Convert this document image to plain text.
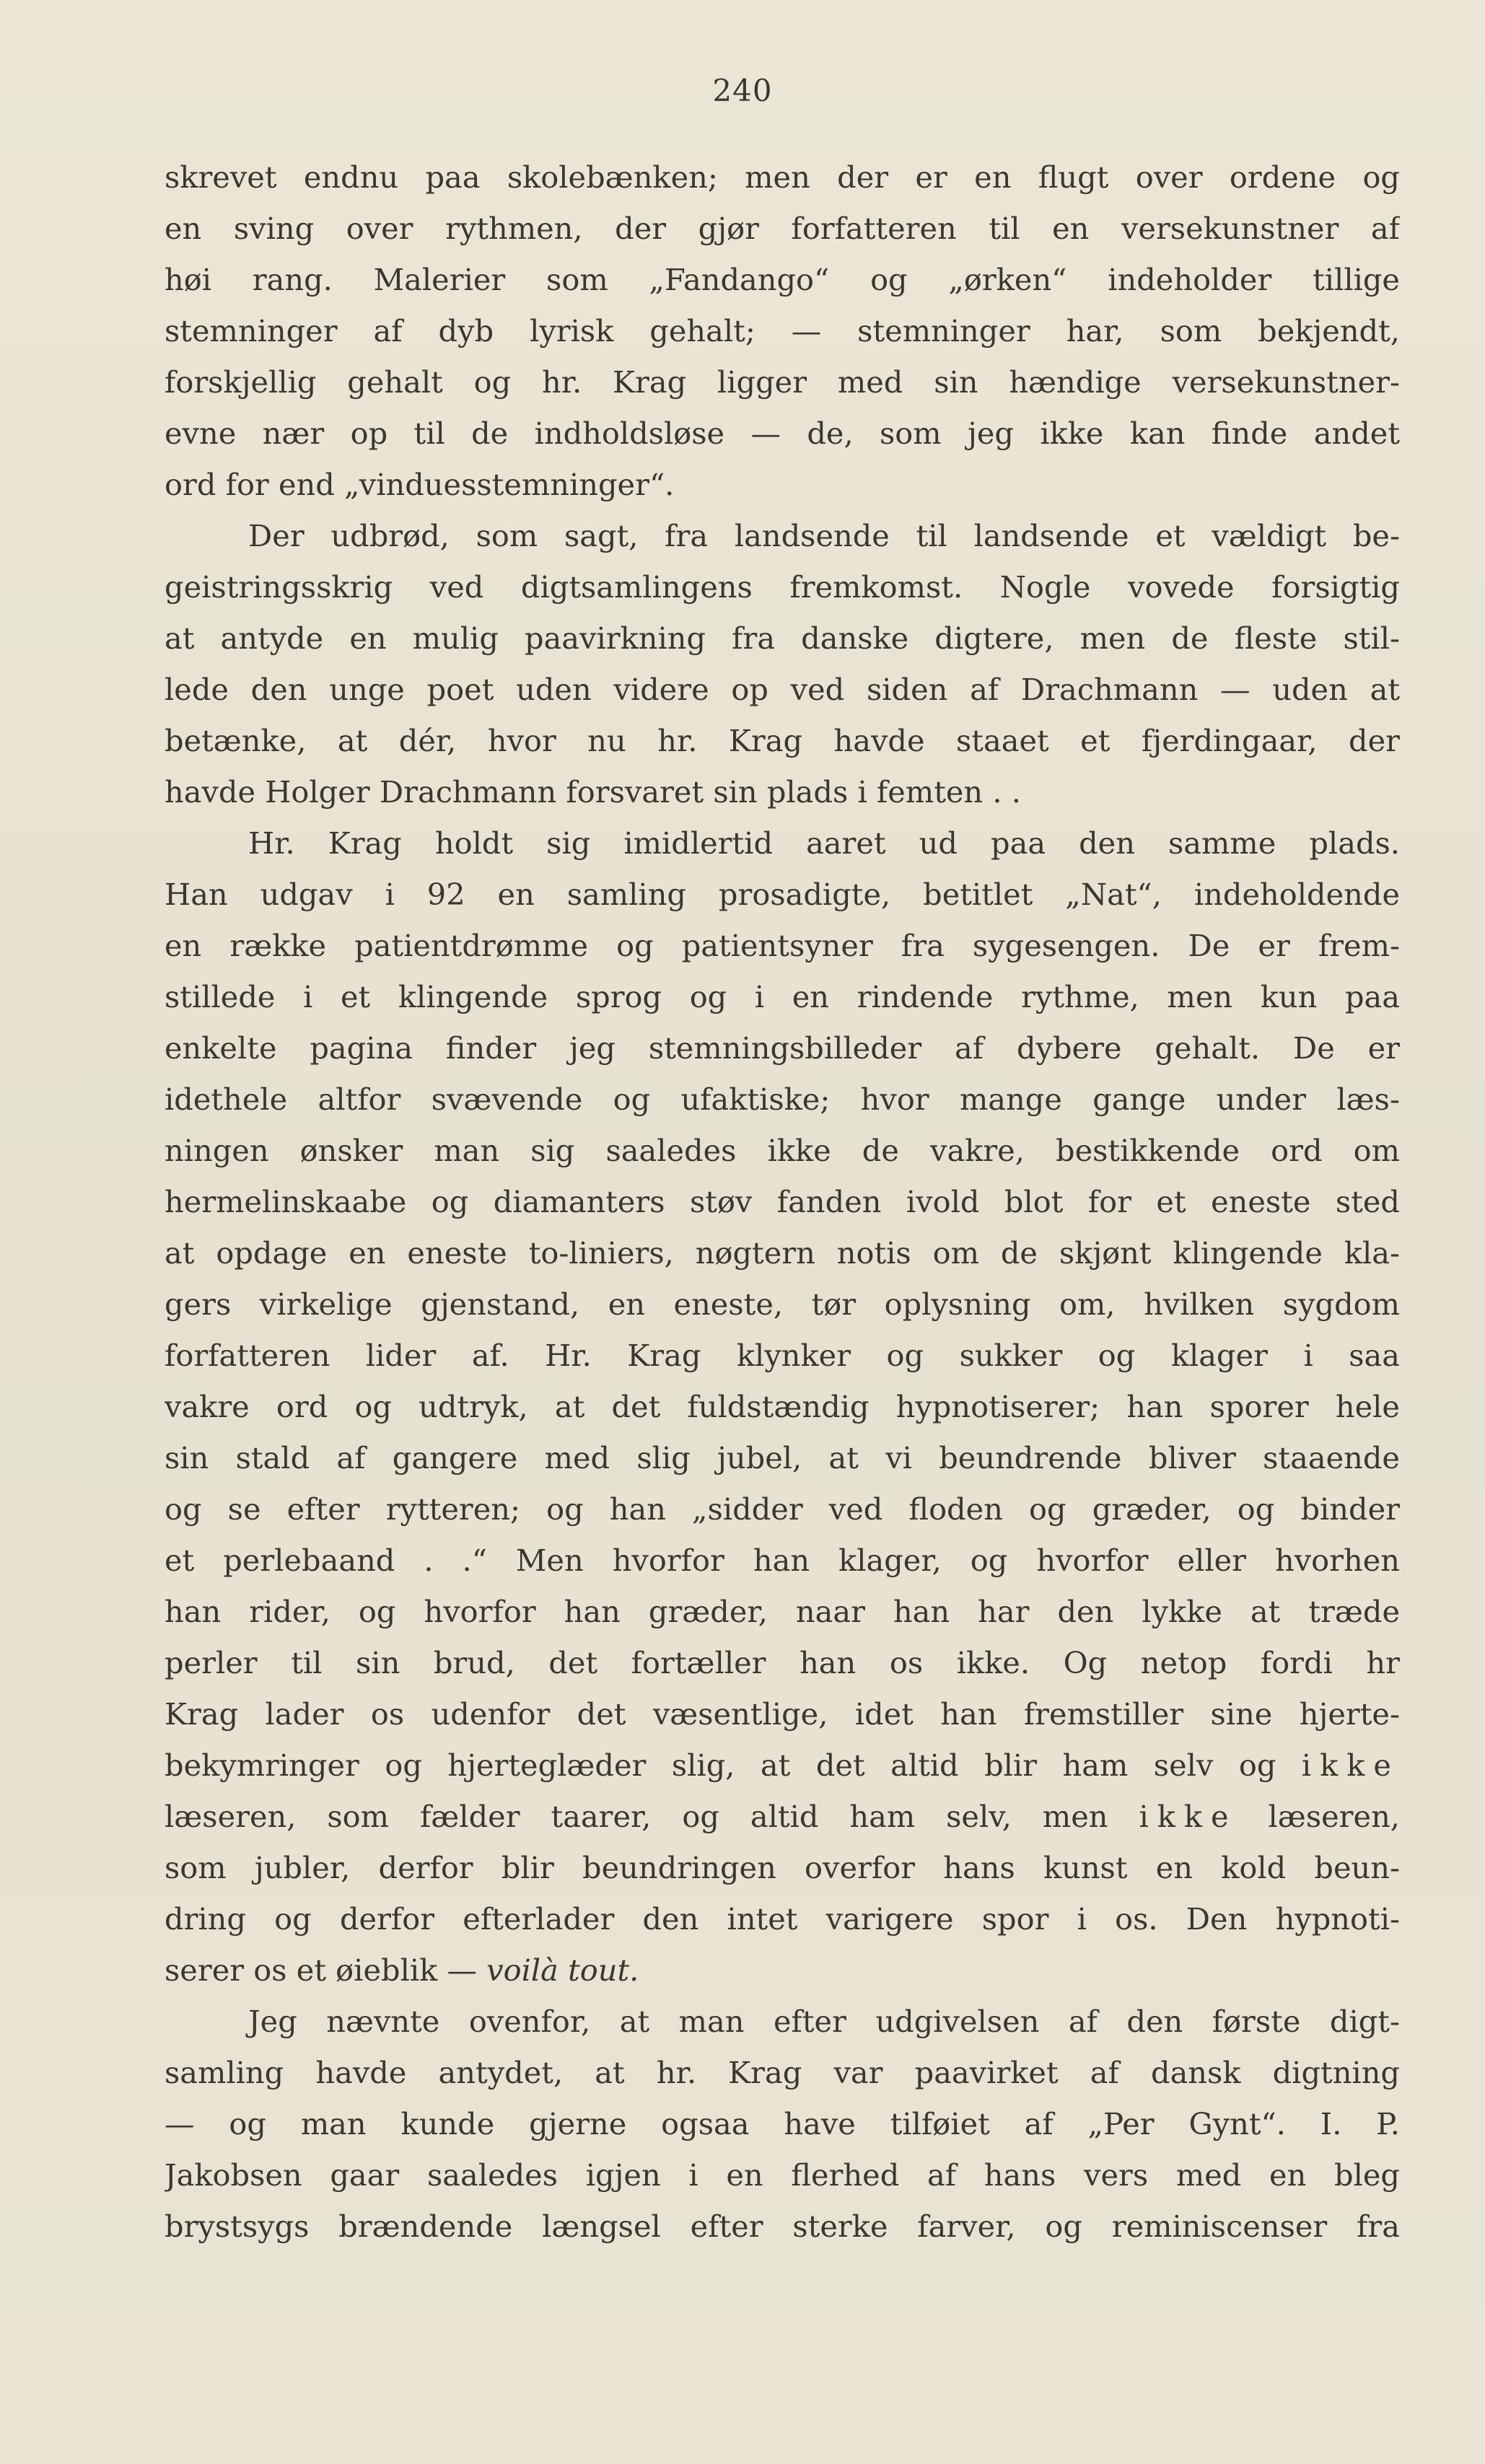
240
skrevet endnu paa skolebænken; men der er en flugt over ordene og
en sving over rythmen, der gjør forfatteren til en versekunstner af
høi rang. Malerier som „Fandango“ og „ørken“ indeholder tillige
stemninger af dyb lyrisk gehalt; — stemninger har, som bekjendt,
forskjellig gehalt og hr. Krag ligger med sin hændige versekunstner-
evne nær op til de indholdsløse — de, som jeg ikke kan finde andet
ord for end „vinduesstemninger“.
Der udbrød, som sagt, fra landsende til landsende et vældigt be-
geistringsskrig ved digtsamlingens fremkomst. Nogle vovede forsigtig
at antyde en mulig paavirkning fra danske digtere, men de fleste stil-
lede den unge poet uden videre op ved siden af Drachmann — uden at
betænke, at dér, hvor nu hr. Krag havde staaet et fjerdingaar, der
havde Holger Drachmann forsvaret sin plads i femten . .
Hr. Krag holdt sig imidlertid aaret ud paa den samme plads.
Han udgav i 92 en samling prosadigte, betitlet „Nat“, indeholdende
en række patientdrømme og patientsyner fra sygesengen. De er frem-
stillede i et klingende sprog og i en rindende rythme, men kun paa
enkelte pagina finder jeg stemningsbilleder af dybere gehalt. De er
idethele altfor svævende og ufaktiske; hvor mange gange under læs-
ningen ønsker man sig saaledes ikke de vakre, bestikkende ord om
hermelinskaabe og diamanters støv fanden ivold blot for et eneste sted
at opdage en eneste to-liniers, nøgtern notis om de skjønt klingende kla-
gers virkelige gjenstand, en eneste, tør oplysning om, hvilken sygdom
forfatteren lider af. Hr. Krag klynker og sukker og klager i saa
vakre ord og udtryk, at det fuldstændig hypnotiserer; han sporer hele
sin stald af gangere med slig jubel, at vi beundrende bliver staaende
og se efter rytteren; og han „sidder ved floden og græder, og binder
et perlebaand . .“ Men hvorfor han klager, og hvorfor eller hvorhen
han rider, og hvorfor han græder, naar han har den lykke at træde
perler til sin brud, det fortæller han os ikke. Og netop fordi hr
Krag lader os udenfor det væsentlige, idet han fremstiller sine hjerte-
bekymringer og hjerteglæder slig, at det altid blir ham selv og ikke
læseren, som fælder taarer, og altid ham selv, men ikke læseren,
som jubler, derfor blir beundringen overfor hans kunst en kold beun-
dring og derfor efterlader den intet varigere spor i os. Den hypnoti-
serer os et øieblik — voilà tout.
Jeg nævnte ovenfor, at man efter udgivelsen af den første digt-
samling havde antydet, at hr. Krag var paavirket af dansk digtning
— og man kunde gjerne ogsaa have tilføiet af „Per Gynt“. I. P.
Jakobsen gaar saaledes igjen i en flerhed af hans vers med en bleg
brystsygs brændende længsel efter sterke farver, og reminiscenser fra
